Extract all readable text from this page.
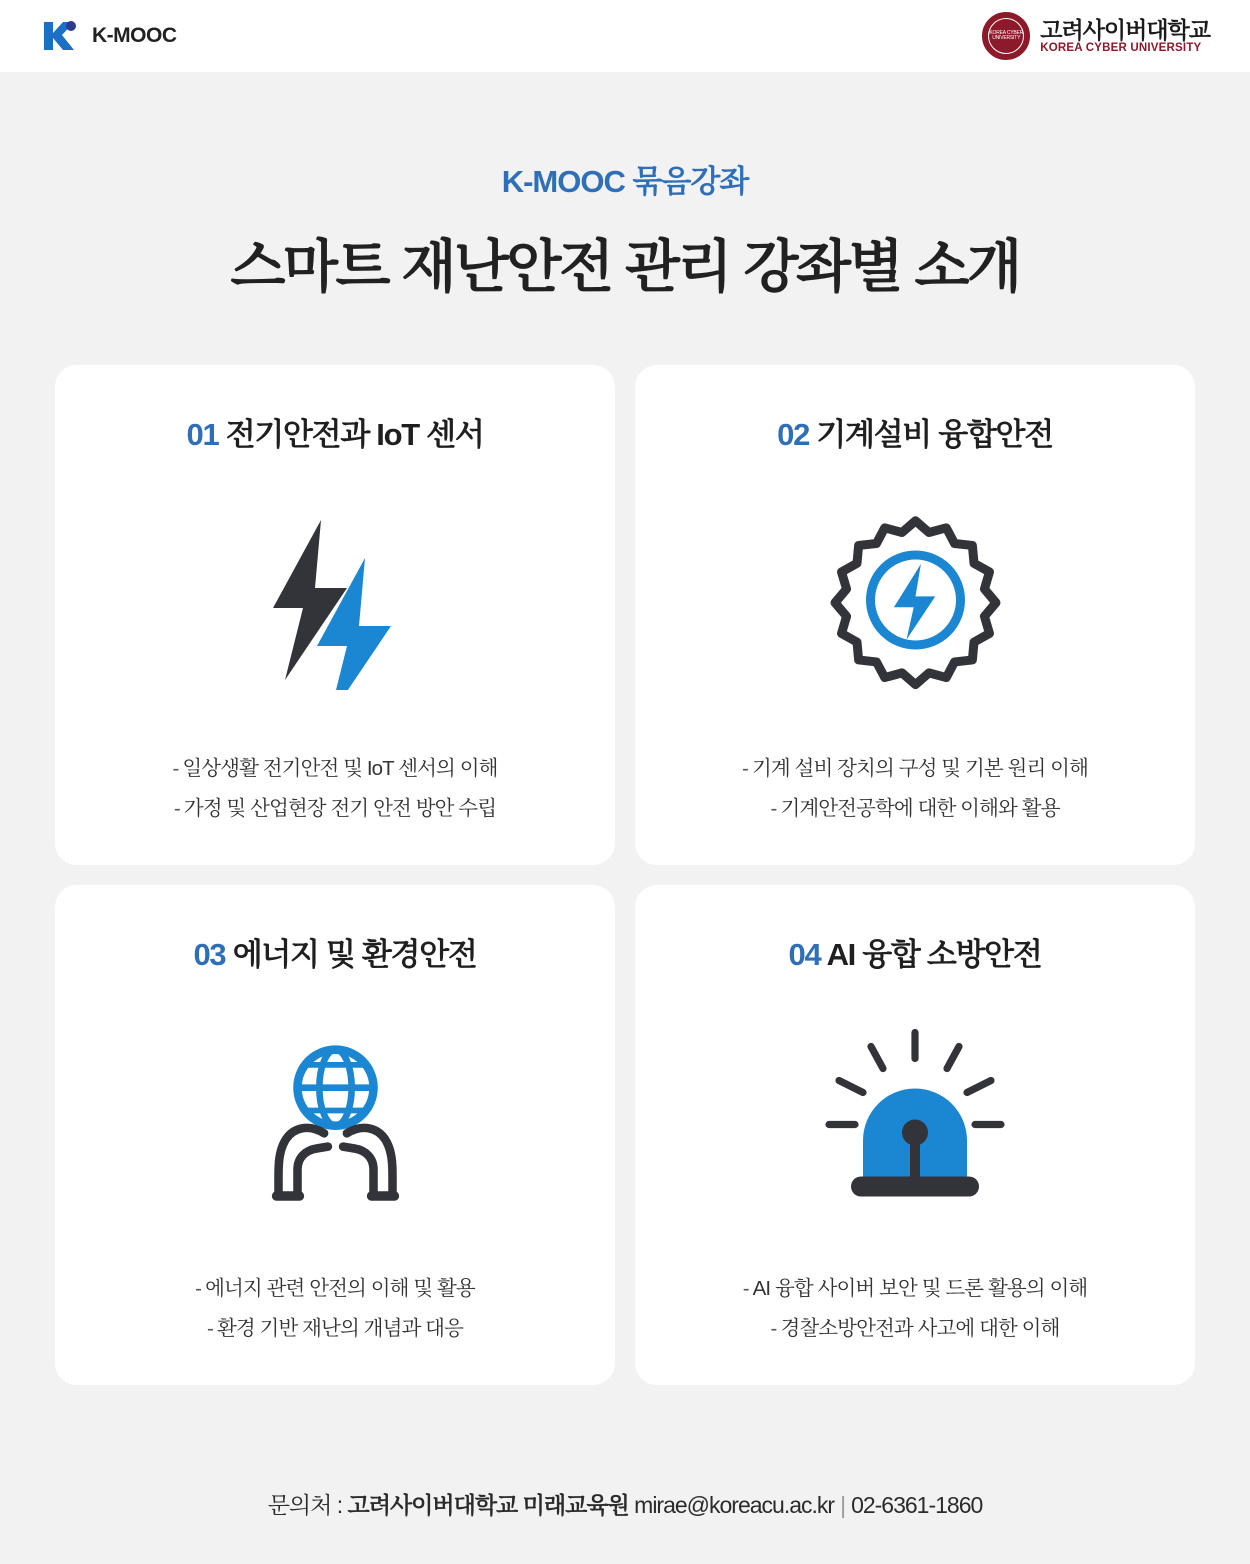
K-MOOC	KOREA CYBER UNIVERSITY 고려사이버대학교
KOREA CYBER UNIVERSITY
K-MOOC 묶음강좌
스마트 재난안전 관리 강좌별 소개
01 전기안전과 IoT 센서
- 일상생활 전기안전 및 IoT 센서의 이해
- 가정 및 산업현장 전기 안전 방안 수립
02 기계설비 융합안전
- 기계 설비 장치의 구성 및 기본 원리 이해
- 기계안전공학에 대한 이해와 활용
03 에너지 및 환경안전
- 에너지 관련 안전의 이해 및 활용
- 환경 기반 재난의 개념과 대응
04 AI 융합 소방안전
- AI 융합 사이버 보안 및 드론 활용의 이해
- 경찰소방안전과 사고에 대한 이해
문의처 : 고려사이버대학교 미래교육원 mirae@koreacu.ac.kr | 02-6361-1860
